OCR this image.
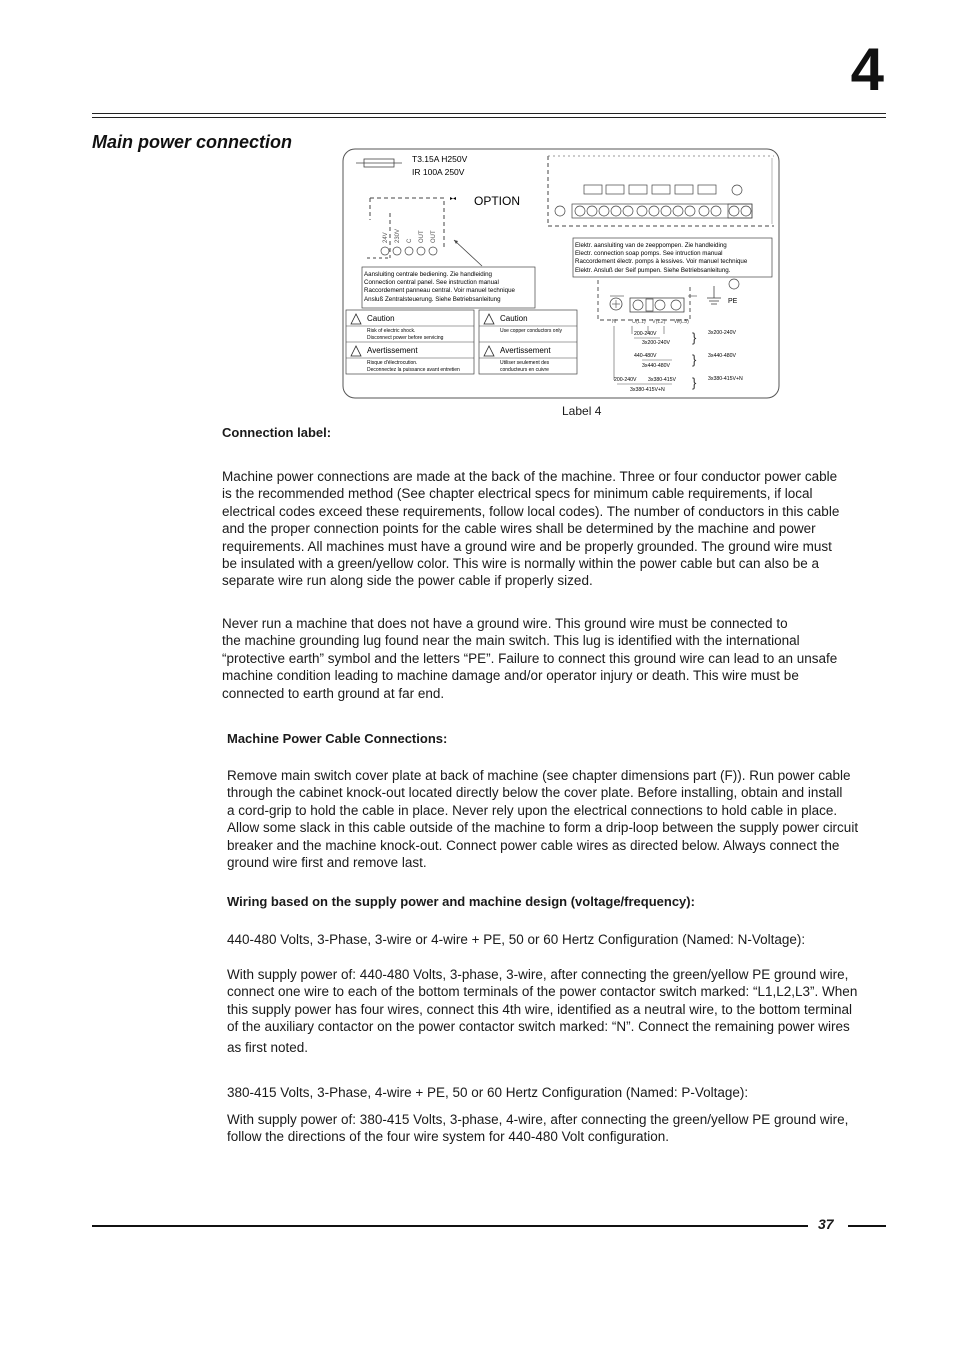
4
Main power connection
T3.15A H250V
IR 100A 250V
▸◂ OPTION
24V 230V C OUT OUT
Aansluiting centrale bediening. Zie handleiding
Connection central panel. See instruction manual
Raccordement panneau central. Voir manuel technique
Ansluß Zentralsteuerung. Siehe Betriebsanleitung
Caution
Risk of electric shock.
Disconnect power before servicing
Avertissement
Risque d'électrocution.
Deconnectez la puissance avant entretien
Caution
Use copper conductors only
Avertissement
Utiliser seulement des
conducteurs en cuivre
Elektr. aansluiting van de zeeppompen. Zie handleiding
Electr. connection soap pomps. See intruction manual
Raccordement électr. pomps à lessives. Voir manuel technique
Elektr. Ansluß der Seif pumpen. Siehe Betriebsanleitung.
PE
N	U(L1) V(L2) W(L3)
200-240V
3x200-240V
440-480V
3x440-480V
200-240V 3x380-415V
3x380-415V+N
}
}
}
3x200-240V
3x440-480V
3x380-415V+N
Label 4
Connection label:
Machine power connections are made at the back of the machine. Three or four conductor power cable
is the recommended method (See chapter electrical specs for minimum cable requirements, if local
electrical codes exceed these requirements, follow local codes). The number of conductors in this cable
and the proper connection points for the cable wires shall be determined by the machine and power
requirements. All machines must have a ground wire and be properly grounded. The ground wire must
be insulated with a green/yellow color. This wire is normally within the power cable but can also be a
separate wire run along side the power cable if properly sized.
Never run a machine that does not have a ground wire. This ground wire must be connected to
the machine grounding lug found near the main switch. This lug is identified with the international
“protective earth” symbol and the letters “PE”. Failure to connect this ground wire can lead to an unsafe
machine condition leading to machine damage and/or operator injury or death. This wire must be
connected to earth ground at far end.
Machine Power Cable Connections:
Remove main switch cover plate at back of machine (see chapter dimensions part (F)). Run power cable
through the cabinet knock-out located directly below the cover plate. Before installing, obtain and install
a cord-grip to hold the cable in place. Never rely upon the electrical connections to hold cable in place.
Allow some slack in this cable outside of the machine to form a drip-loop between the supply power circuit
breaker and the machine knock-out. Connect power cable wires as directed below. Always connect the
ground wire first and remove last.
Wiring based on the supply power and machine design (voltage/frequency):
440-480 Volts, 3-Phase, 3-wire or 4-wire + PE, 50 or 60 Hertz Configuration (Named: N-Voltage):
With supply power of: 440-480 Volts, 3-phase, 3-wire, after connecting the green/yellow PE ground wire,
connect one wire to each of the bottom terminals of the power contactor switch marked: “L1,L2,L3”. When
this supply power has four wires, connect this 4th wire, identified as a neutral wire, to the bottom terminal
of the auxiliary contactor on the power contactor switch marked: “N”. Connect the remaining power wires
as first noted.
380-415 Volts, 3-Phase, 4-wire + PE, 50 or 60 Hertz Configuration (Named: P-Voltage):
With supply power of: 380-415 Volts, 3-phase, 4-wire, after connecting the green/yellow PE ground wire,
follow the directions of the four wire system for 440-480 Volt configuration.
37
